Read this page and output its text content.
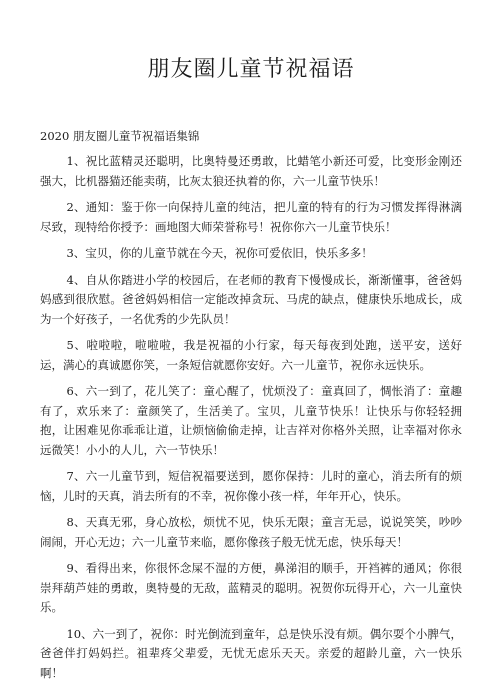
朋友圈儿童节祝福语

2020 朋友圈儿童节祝福语集锦

1、祝比蓝精灵还聪明，比奥特曼还勇敢，比蜡笔小新还可爱，比变形金刚还强大，比机器猫还能卖萌，比灰太狼还执着的你，六一儿童节快乐！

2、通知：鉴于你一向保持儿童的纯洁，把儿童的特有的行为习惯发挥得淋漓尽致，现特给你授予：画地图大师荣誉称号！祝你你六一儿童节快乐！

3、宝贝，你的儿童节就在今天，祝你可爱依旧，快乐多多！

4、自从你踏进小学的校园后，在老师的教育下慢慢成长，渐渐懂事，爸爸妈妈感到很欣慰。爸爸妈妈相信一定能改掉贪玩、马虎的缺点，健康快乐地成长，成为一个好孩子，一名优秀的少先队员！

5、啦啦啦，啦啦啦，我是祝福的小行家，每天每夜到处跑，送平安，送好运，满心的真诚愿你笑，一条短信就愿你安好。六一儿童节，祝你永远快乐。

6、六一到了，花儿笑了：童心醒了，忧烦没了：童真回了，惆怅消了：童趣有了，欢乐来了：童颜笑了，生活美了。宝贝，儿童节快乐！让快乐与你轻轻拥抱，让困难见你乖乖让道，让烦恼偷偷走掉，让吉祥对你格外关照，让幸福对你永远微笑！小小的人儿，六一节快乐！

7、六一儿童节到，短信祝福要送到，愿你保持：儿时的童心，消去所有的烦恼，儿时的天真，消去所有的不幸，祝你像小孩一样，年年开心，快乐。

8、天真无邪，身心放松，烦忧不见，快乐无限；童言无忌，说说笑笑，吵吵闹闹，开心无边；六一儿童节来临，愿你像孩子般无忧无虑，快乐每天！

9、看得出来，你很怀念屎不湿的方便，鼻涕泪的顺手，开裆裤的通风；你很崇拜葫芦娃的勇敢，奥特曼的无敌，蓝精灵的聪明。祝贺你玩得开心，六一儿童快乐。

10、六一到了，祝你：时光倒流到童年，总是快乐没有烦。偶尔耍个小脾气，爸爸伴打妈妈拦。祖辈疼父辈爱，无忧无虑乐天天。亲爱的超龄儿童，六一快乐啊！
